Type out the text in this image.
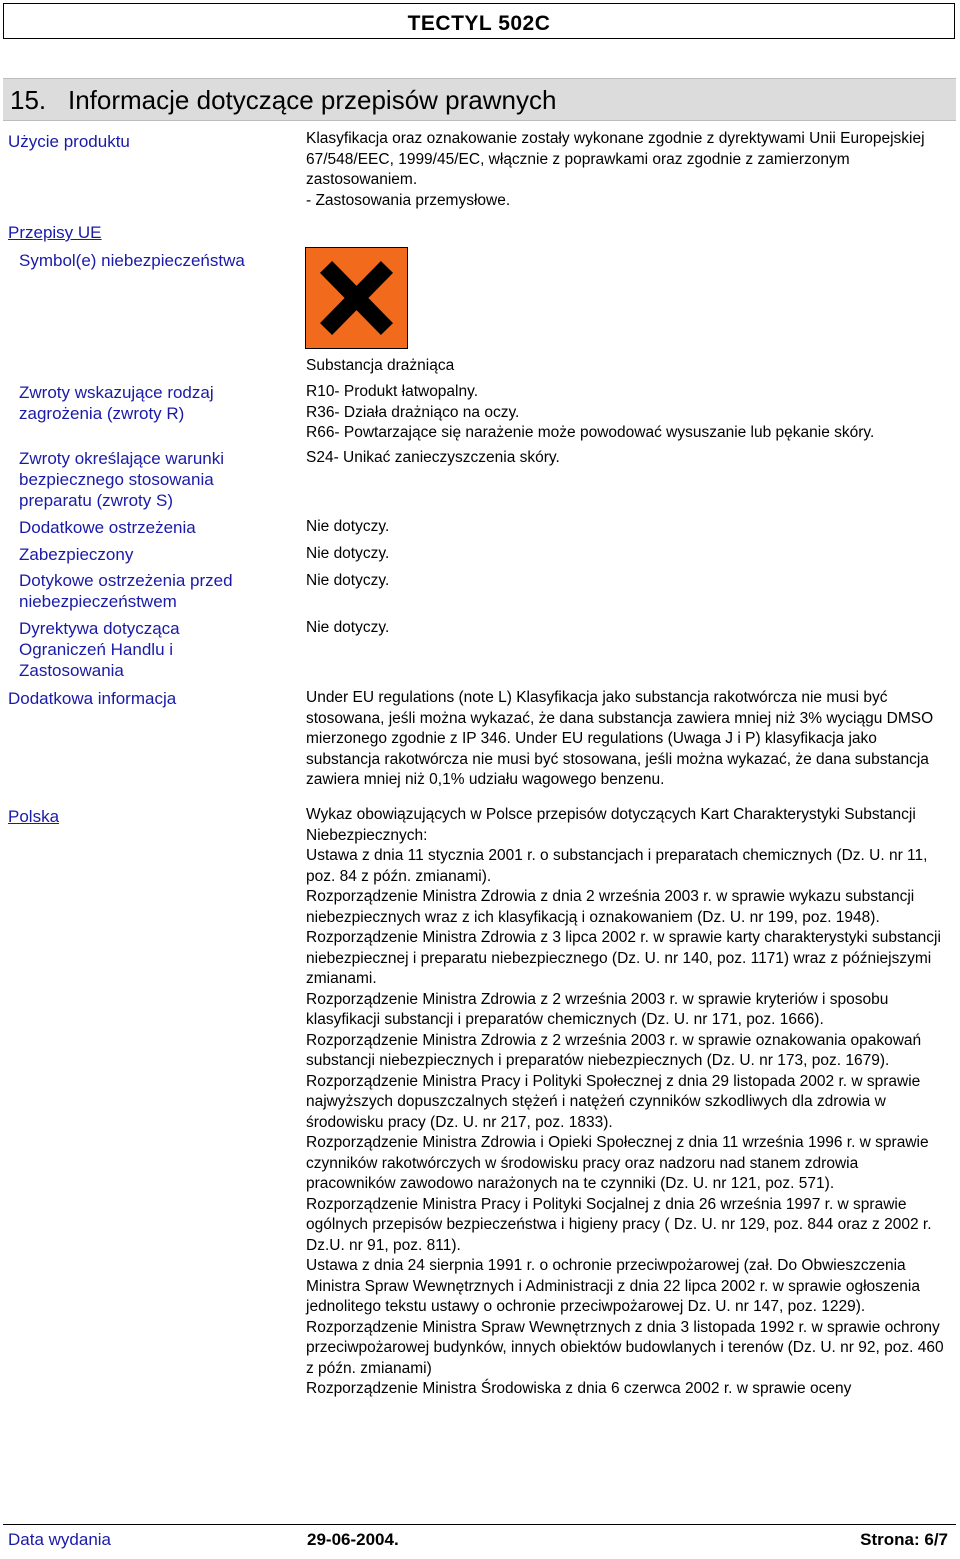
TECTYL 502C
15. Informacje dotyczące przepisów prawnych
Użycie produktu
Przepisy UE
Symbol(e) niebezpieczeństwa
Zwroty wskazujące rodzaj zagrożenia (zwroty R)
Zwroty określające warunki bezpiecznego stosowania preparatu (zwroty S)
Dodatkowe ostrzeżenia
Zabezpieczony
Dotykowe ostrzeżenia przed niebezpieczeństwem
Dyrektywa dotycząca Ograniczeń Handlu i Zastosowania
Dodatkowa informacja
Polska
Klasyfikacja oraz oznakowanie zostały wykonane zgodnie z dyrektywami Unii Europejskiej 67/548/EEC, 1999/45/EC, włącznie z poprawkami oraz zgodnie z zamierzonym zastosowaniem.
- Zastosowania przemysłowe.
Substancja drażniąca
R10- Produkt łatwopalny.
R36- Działa drażniąco na oczy.
R66- Powtarzające się narażenie może powodować wysuszanie lub pękanie skóry.
S24- Unikać zanieczyszczenia skóry.
Nie dotyczy.
Nie dotyczy.
Nie dotyczy.
Nie dotyczy.
Under EU regulations (note L) Klasyfikacja jako substancja rakotwórcza nie musi być stosowana, jeśli można wykazać, że dana substancja zawiera mniej niż 3% wyciągu DMSO mierzonego zgodnie z IP 346. Under EU regulations (Uwaga J i P) klasyfikacja jako substancja rakotwórcza nie musi być stosowana, jeśli można wykazać, że dana substancja zawiera mniej niż 0,1% udziału wagowego benzenu.
Wykaz obowiązujących w Polsce przepisów dotyczących Kart Charakterystyki Substancji Niebezpiecznych:
Ustawa z dnia 11 stycznia 2001 r. o substancjach i preparatach chemicznych (Dz. U. nr 11, poz. 84 z późn. zmianami).
Rozporządzenie Ministra Zdrowia z dnia 2 września 2003 r. w sprawie wykazu substancji niebezpiecznych wraz z ich klasyfikacją i oznakowaniem (Dz. U. nr 199, poz. 1948).
Rozporządzenie Ministra Zdrowia z 3 lipca 2002 r. w sprawie karty charakterystyki substancji niebezpiecznej i preparatu niebezpiecznego (Dz. U. nr 140, poz. 1171) wraz z późniejszymi zmianami.
Rozporządzenie Ministra Zdrowia z 2 września 2003 r. w sprawie kryteriów i sposobu klasyfikacji substancji i preparatów chemicznych (Dz. U. nr 171, poz. 1666).
Rozporządzenie Ministra Zdrowia z 2 września 2003 r. w sprawie oznakowania opakowań substancji niebezpiecznych i preparatów niebezpiecznych (Dz. U. nr 173, poz. 1679).
Rozporządzenie Ministra Pracy i Polityki Społecznej z dnia 29 listopada 2002 r. w sprawie najwyższych dopuszczalnych stężeń i natężeń czynników szkodliwych dla zdrowia w środowisku pracy (Dz. U. nr 217, poz. 1833).
Rozporządzenie Ministra Zdrowia i Opieki Społecznej z dnia 11 września 1996 r. w sprawie czynników rakotwórczych w środowisku pracy oraz nadzoru nad stanem zdrowia pracowników zawodowo narażonych na te czynniki (Dz. U. nr 121, poz. 571).
Rozporządzenie Ministra Pracy i Polityki Socjalnej z dnia 26 września 1997 r. w sprawie ogólnych przepisów bezpieczeństwa i higieny pracy ( Dz. U. nr 129, poz. 844 oraz z 2002 r. Dz.U. nr 91, poz. 811).
Ustawa z dnia 24 sierpnia 1991 r. o ochronie przeciwpożarowej (zał. Do Obwieszczenia Ministra Spraw Wewnętrznych i Administracji z dnia 22 lipca 2002 r. w sprawie ogłoszenia jednolitego tekstu ustawy o ochronie przeciwpożarowej Dz. U. nr 147, poz. 1229).
Rozporządzenie Ministra Spraw Wewnętrznych z dnia 3 listopada 1992 r. w sprawie ochrony przeciwpożarowej budynków, innych obiektów budowlanych i terenów (Dz. U. nr 92, poz. 460 z późn. zmianami)
Rozporządzenie Ministra Środowiska z dnia 6 czerwca 2002 r. w sprawie oceny
Data wydania	29-06-2004.	Strona: 6/7
